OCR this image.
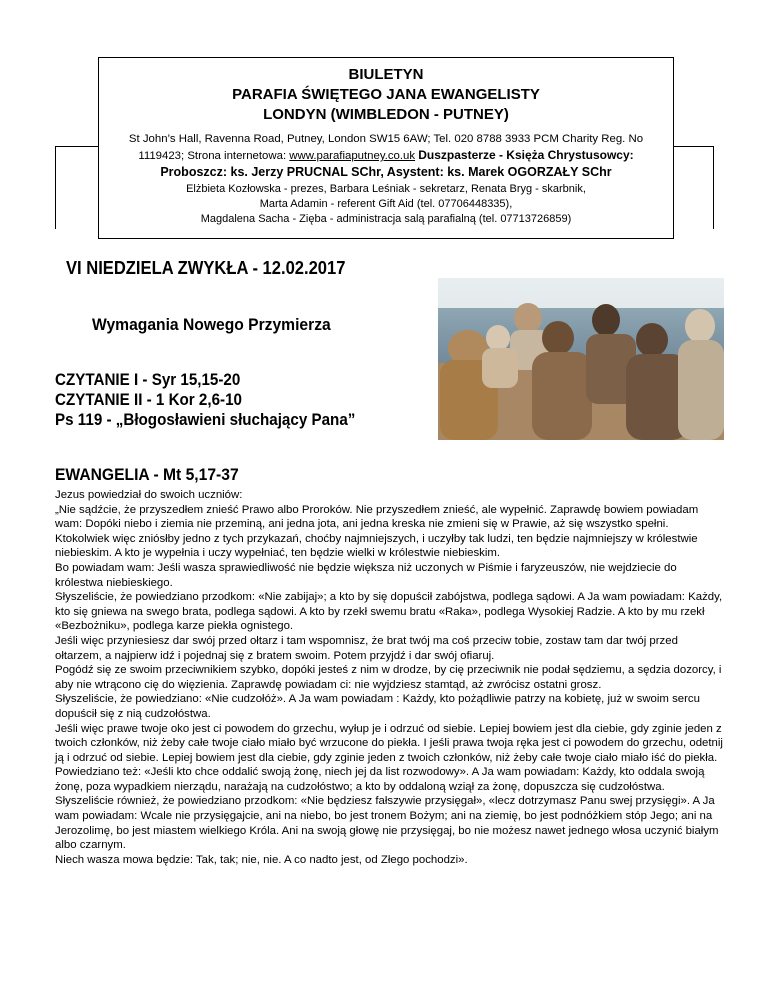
BIULETYN
PARAFIA ŚWIĘTEGO JANA EWANGELISTY
LONDYN (WIMBLEDON - PUTNEY)
St John’s Hall, Ravenna Road, Putney, London SW15 6AW; Tel. 020 8788 3933 PCM Charity Reg. No
1119423; Strona internetowa: www.parafiaputney.co.uk Duszpasterze - Księża Chrystusowcy:
Proboszcz: ks. Jerzy PRUCNAL SChr, Asystent: ks. Marek OGORZAŁY SChr
Elżbieta Kozłowska - prezes, Barbara Leśniak - sekretarz, Renata Bryg - skarbnik,
Marta Adamin - referent Gift Aid (tel. 07706448335),
Magdalena Sacha - Zięba - administracja salą parafialną (tel. 07713726859)
VI NIEDZIELA ZWYKŁA - 12.02.2017
Wymagania Nowego Przymierza
CZYTANIE I - Syr 15,15-20
CZYTANIE II - 1 Kor 2,6-10
Ps 119 - „Błogosławieni słuchający Pana”
EWANGELIA - Mt 5,17-37

Jezus powiedział do swoich uczniów:

„Nie sądźcie, że przyszedłem znieść Prawo albo Proroków. Nie przyszedłem znieść, ale wypełnić. Zaprawdę bowiem powiadam wam: Dopóki niebo i ziemia nie przeminą, ani jedna jota, ani jedna kreska nie zmieni się w Prawie, aż się wszystko spełni.

Ktokolwiek więc zniósłby jedno z tych przykazań, choćby najmniejszych, i uczyłby tak ludzi, ten będzie najmniejszy w królestwie niebieskim. A kto je wypełnia i uczy wypełniać, ten będzie wielki w królestwie niebieskim.

Bo powiadam wam: Jeśli wasza sprawiedliwość nie będzie większa niż uczonych w Piśmie i faryzeuszów, nie wejdziecie do królestwa niebieskiego.

Słyszeliście, że powiedziano przodkom: «Nie zabijaj»; a kto by się dopuścił zabójstwa, podlega sądowi. A Ja wam powiadam: Każdy, kto się gniewa na swego brata, podlega sądowi. A kto by rzekł swemu bratu «Raka», podlega Wysokiej Radzie. A kto by mu rzekł «Bezbożniku», podlega karze piekła ognistego.

Jeśli więc przyniesiesz dar swój przed ołtarz i tam wspomnisz, że brat twój ma coś przeciw tobie, zostaw tam dar twój przed ołtarzem, a najpierw idź i pojednaj się z bratem swoim. Potem przyjdź i dar swój ofiaruj.

Pogódź się ze swoim przeciwnikiem szybko, dopóki jesteś z nim w drodze, by cię przeciwnik nie podał sędziemu, a sędzia dozorcy, i aby nie wtrącono cię do więzienia. Zaprawdę powiadam ci: nie wyjdziesz stamtąd, aż zwrócisz ostatni grosz.

Słyszeliście, że powiedziano: «Nie cudzołóż». A Ja wam powiadam : Każdy, kto pożądliwie patrzy na kobietę, już w swoim sercu dopuścił się z nią cudzołóstwa.

Jeśli więc prawe twoje oko jest ci powodem do grzechu, wyłup je i odrzuć od siebie. Lepiej bowiem jest dla ciebie, gdy zginie jeden z twoich członków, niż żeby całe twoje ciało miało być wrzucone do piekła. I jeśli prawa twoja ręka jest ci powodem do grzechu, odetnij ją i odrzuć od siebie. Lepiej bowiem jest dla ciebie, gdy zginie jeden z twoich członków, niż żeby całe twoje ciało miało iść do piekła.

Powiedziano też: «Jeśli kto chce oddalić swoją żonę, niech jej da list rozwodowy». A Ja wam powiadam: Każdy, kto oddala swoją żonę, poza wypadkiem nierządu, narażają na cudzołóstwo; a kto by oddaloną wziął za żonę, dopuszcza się cudzołóstwa.

Słyszeliście również, że powiedziano przodkom: «Nie będziesz fałszywie przysięgał», «lecz dotrzymasz Panu swej przysięgi». A Ja wam powiadam: Wcale nie przysięgajcie, ani na niebo, bo jest tronem Bożym; ani na ziemię, bo jest podnóżkiem stóp Jego; ani na Jerozolimę, bo jest miastem wielkiego Króla. Ani na swoją głowę nie przysięgaj, bo nie możesz nawet jednego włosa uczynić białym albo czarnym.

Niech wasza mowa będzie: Tak, tak; nie, nie. A co nadto jest, od Złego pochodzi».
